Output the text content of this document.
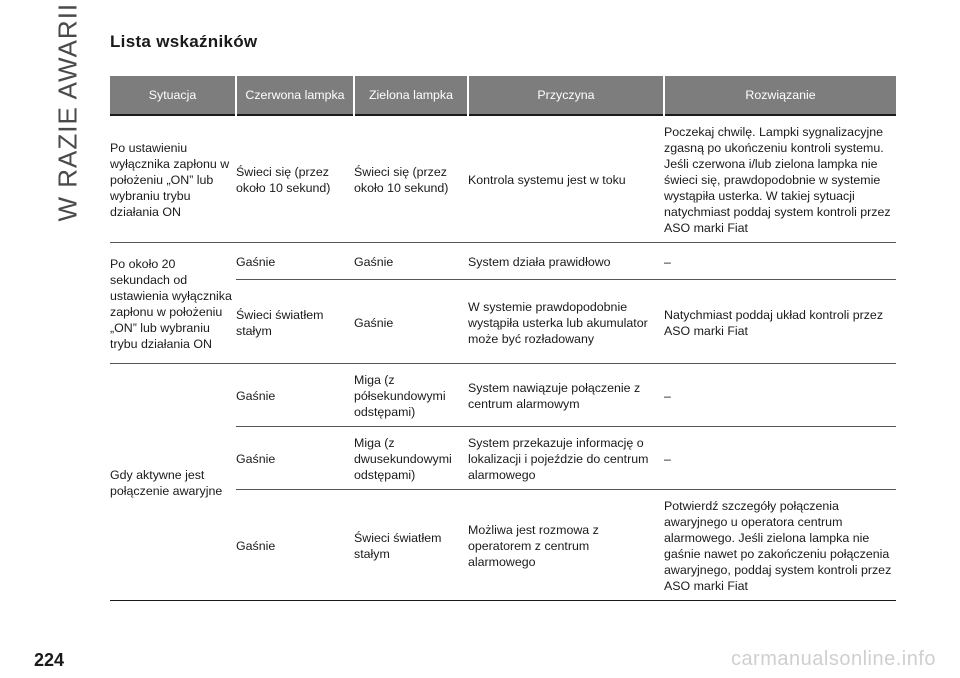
W RAZIE AWARII Lista wskaźników
Sytuacja	Czerwona lampka	Zielona lampka	Przyczyna	Rozwiązanie
Po ustawieniu wyłącznika zapłonu w położeniu „ON” lub wybraniu trybu działania ON	Świeci się (przez około 10 sekund)	Świeci się (przez około 10 sekund)	Kontrola systemu jest w toku	Poczekaj chwilę. Lampki sygnalizacyjne zgasną po ukończeniu kontroli systemu. Jeśli czerwona i/lub zielona lampka nie świeci się, prawdopodobnie w systemie wystąpiła usterka. W takiej sytuacji natychmiast poddaj system kontroli przez ASO marki Fiat
Po około 20 sekundach od ustawienia wyłącznika zapłonu w położeniu „ON” lub wybraniu trybu działania ON	Gaśnie	Gaśnie	System działa prawidłowo	–
	Świeci światłem stałym	Gaśnie	W systemie prawdopodobnie wystąpiła usterka lub akumulator może być rozładowany	Natychmiast poddaj układ kontroli przez ASO marki Fiat
Gdy aktywne jest połączenie awaryjne	Gaśnie	Miga (z półsekundowymi odstępami)	System nawiązuje połączenie z centrum alarmowym	–
	Gaśnie	Miga (z dwusekundowymi odstępami)	System przekazuje informację o lokalizacji i pojeździe do centrum alarmowego	–
	Gaśnie	Świeci światłem stałym	Możliwa jest rozmowa z operatorem z centrum alarmowego	Potwierdź szczegóły połączenia awaryjnego u operatora centrum alarmowego. Jeśli zielona lampka nie gaśnie nawet po zakończeniu połączenia awaryjnego, poddaj system kontroli przez ASO marki Fiat
224	carmanualsonline.info
